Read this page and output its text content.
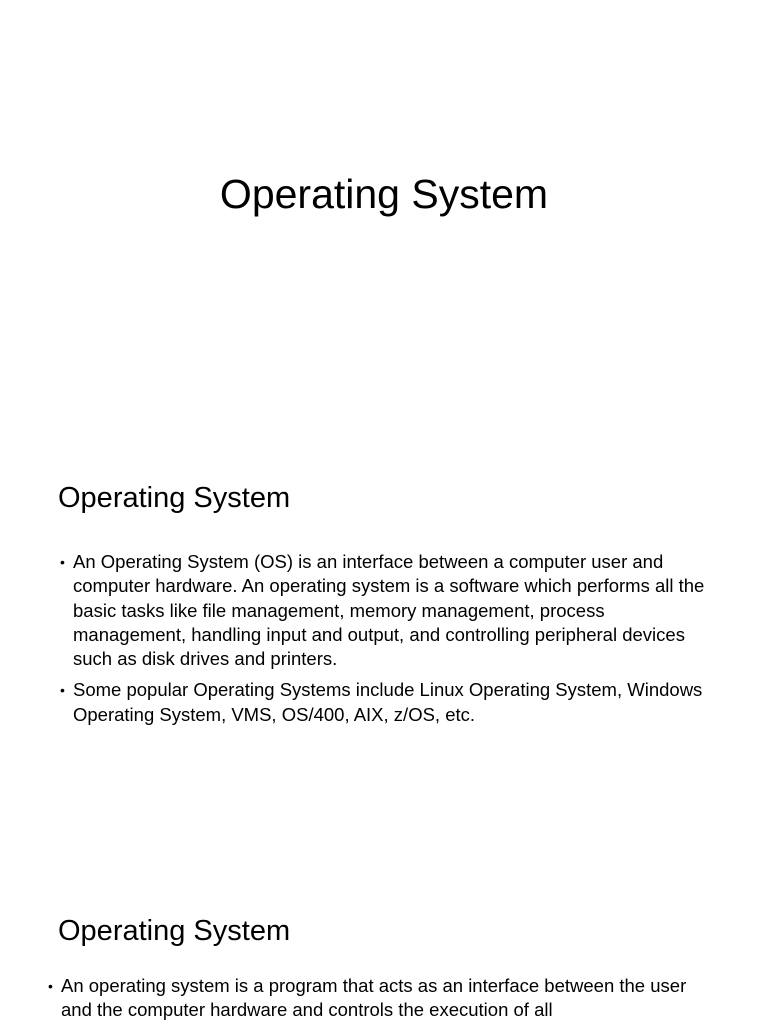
Operating System
Operating System
• An Operating System (OS) is an interface between a computer user and computer hardware. An operating system is a software which performs all the basic tasks like file management, memory management, process management, handling input and output, and controlling peripheral devices such as disk drives and printers.
• Some popular Operating Systems include Linux Operating System, Windows Operating System, VMS, OS/400, AIX, z/OS, etc.
Operating System
• An operating system is a program that acts as an interface between the user and the computer hardware and controls the execution of all
